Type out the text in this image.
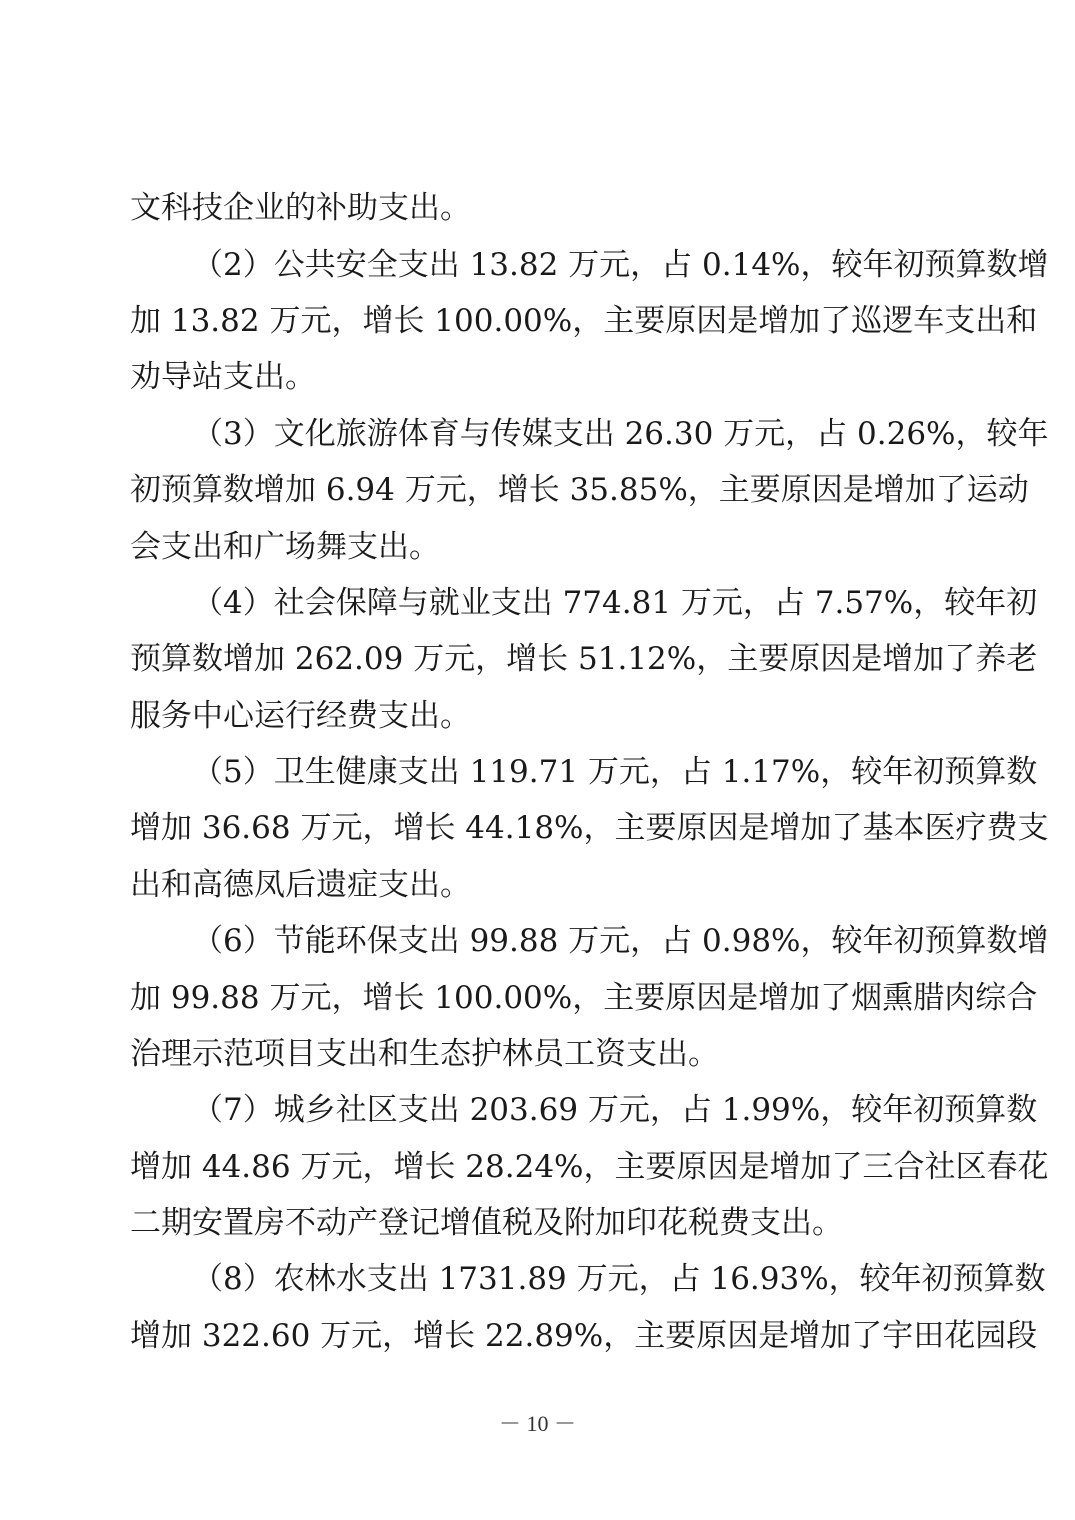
文科技企业的补助支出。
（2）公共安全支出 13.82 万元，占 0.14%，较年初预算数增
加 13.82 万元，增长 100.00%，主要原因是增加了巡逻车支出和
劝导站支出。
（3）文化旅游体育与传媒支出 26.30 万元，占 0.26%，较年
初预算数增加 6.94 万元，增长 35.85%，主要原因是增加了运动
会支出和广场舞支出。
（4）社会保障与就业支出 774.81 万元，占 7.57%，较年初
预算数增加 262.09 万元，增长 51.12%，主要原因是增加了养老
服务中心运行经费支出。
（5）卫生健康支出 119.71 万元，占 1.17%，较年初预算数
增加 36.68 万元，增长 44.18%，主要原因是增加了基本医疗费支
出和高德凤后遗症支出。
（6）节能环保支出 99.88 万元，占 0.98%，较年初预算数增
加 99.88 万元，增长 100.00%，主要原因是增加了烟熏腊肉综合
治理示范项目支出和生态护林员工资支出。
（7）城乡社区支出 203.69 万元，占 1.99%，较年初预算数
增加 44.86 万元，增长 28.24%，主要原因是增加了三合社区春花
二期安置房不动产登记增值税及附加印花税费支出。
（8）农林水支出 1731.89 万元，占 16.93%，较年初预算数
增加 322.60 万元，增长 22.89%，主要原因是增加了宇田花园段
－ 10 －
